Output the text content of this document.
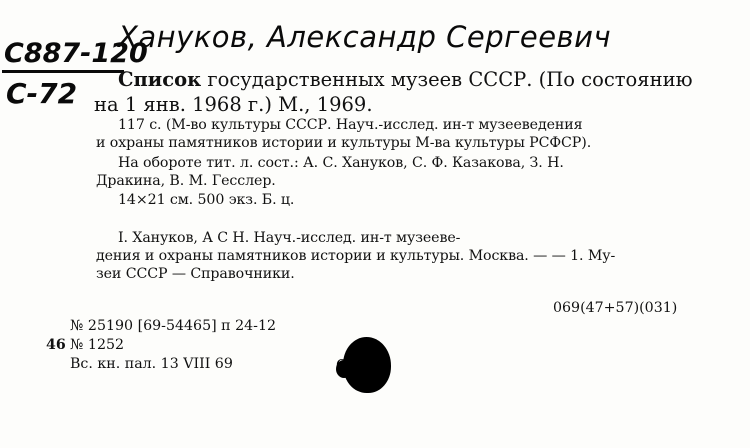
С887-120
С-72
Хануков, Александр Сергеевич
Список государственных музеев СССР. (По состоянию
на 1 янв. 1968 г.) М., 1969.
117 с. (М-во культуры СССР. Науч.-исслед. ин-т музееведения
и охраны памятников истории и культуры М-ва культуры РСФСР).
На обороте тит. л. сост.: А. С. Хануков, С. Ф. Казакова, З. Н.
Дракина, В. М. Гесслер.
14×21 см. 500 экз. Б. ц.
I. Хануков, А С Н. Науч.-исслед. ин-т музееве-
дения и охраны памятников истории и культуры. Москва. — — 1. Му-
зеи СССР — Справочники.
069(47+57)(031)
№ 25190 [69-54465] п 24-12
46 № 1252
Вс. кн. пал. 13 VIII 69
